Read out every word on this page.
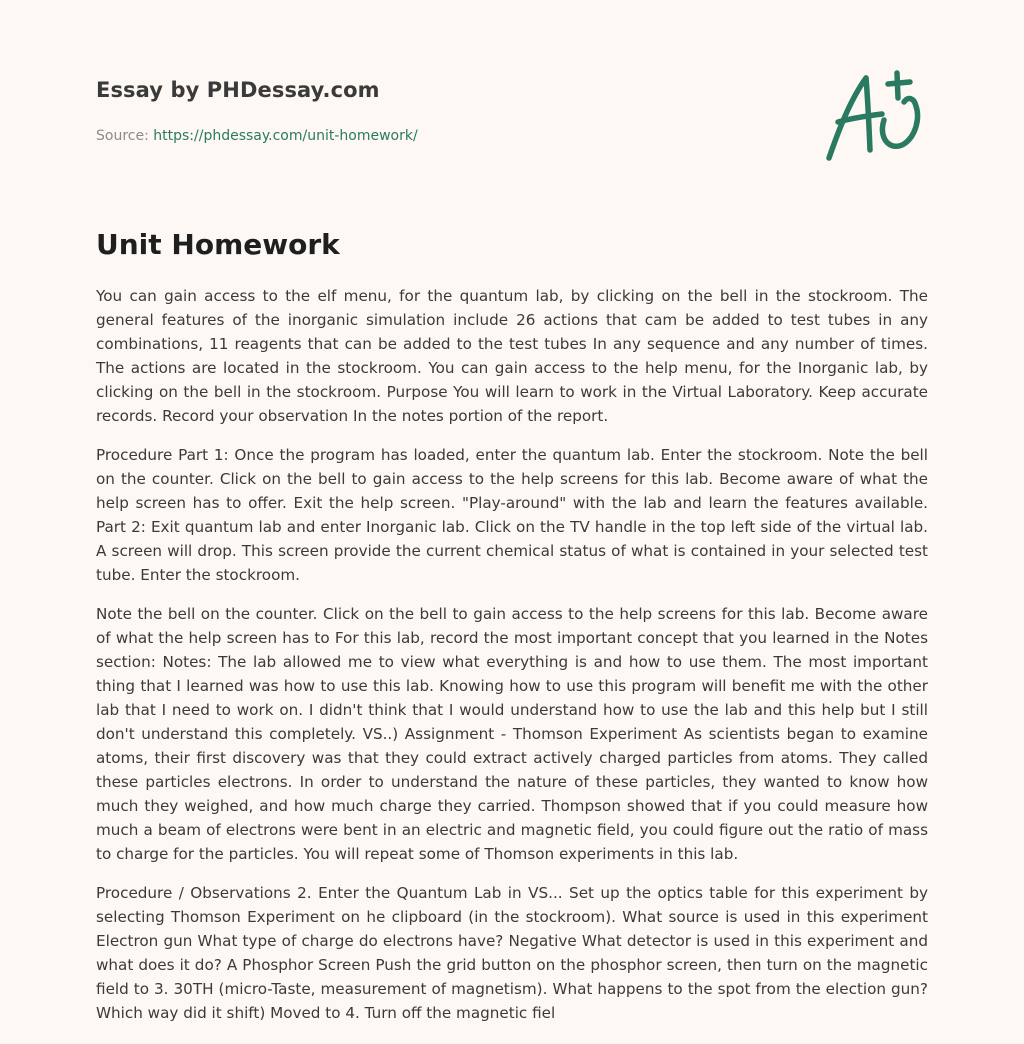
Essay by PHDessay.com
Source: https://phdessay.com/unit-homework/
Unit Homework

You can gain access to the elf menu, for the quantum lab, by clicking on the bell in the stockroom. The general features of the inorganic simulation include 26 actions that cam be added to test tubes in any combinations, 11 reagents that can be added to the test tubes In any sequence and any number of times. The actions are located in the stockroom. You can gain access to the help menu, for the Inorganic lab, by clicking on the bell in the stockroom. Purpose You will learn to work in the Virtual Laboratory. Keep accurate records. Record your observation In the notes portion of the report.

Procedure Part 1: Once the program has loaded, enter the quantum lab. Enter the stockroom. Note the bell on the counter. Click on the bell to gain access to the help screens for this lab. Become aware of what the help screen has to offer. Exit the help screen. "Play-around" with the lab and learn the features available. Part 2: Exit quantum lab and enter Inorganic lab. Click on the TV handle in the top left side of the virtual lab. A screen will drop. This screen provide the current chemical status of what is contained in your selected test tube. Enter the stockroom.

Note the bell on the counter. Click on the bell to gain access to the help screens for this lab. Become aware of what the help screen has to For this lab, record the most important concept that you learned in the Notes section: Notes: The lab allowed me to view what everything is and how to use them. The most important thing that I learned was how to use this lab. Knowing how to use this program will benefit me with the other lab that I need to work on. I didn't think that I would understand how to use the lab and this help but I still don't understand this completely. VS..) Assignment - Thomson Experiment As scientists began to examine atoms, their first discovery was that they could extract actively charged particles from atoms. They called these particles electrons. In order to understand the nature of these particles, they wanted to know how much they weighed, and how much charge they carried. Thompson showed that if you could measure how much a beam of electrons were bent in an electric and magnetic field, you could figure out the ratio of mass to charge for the particles. You will repeat some of Thomson experiments in this lab.

Procedure / Observations 2. Enter the Quantum Lab in VS... Set up the optics table for this experiment by selecting Thomson Experiment on he clipboard (in the stockroom). What source is used in this experiment Electron gun What type of charge do electrons have? Negative What detector is used in this experiment and what does it do? A Phosphor Screen Push the grid button on the phosphor screen, then turn on the magnetic field to 3. 30TH (micro-Taste, measurement of magnetism). What happens to the spot from the election gun? Which way did it shift) Moved to 4. Turn off the magnetic fiel
